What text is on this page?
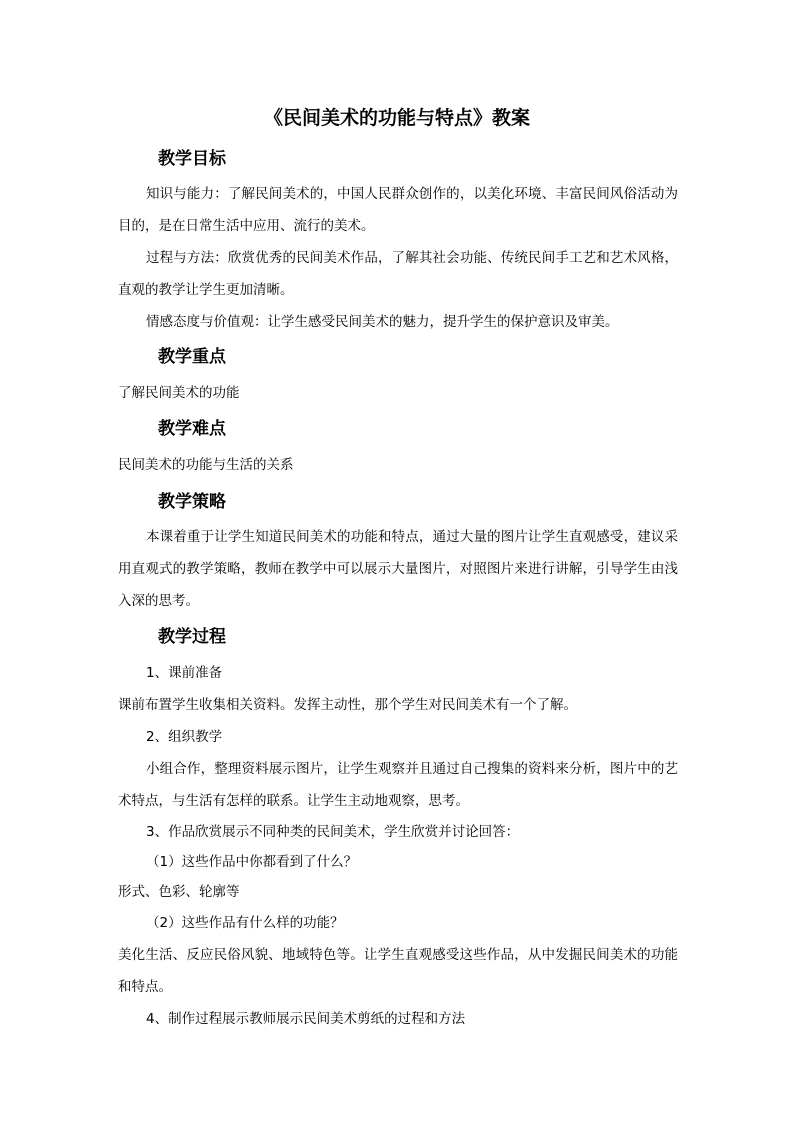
《民间美术的功能与特点》教案
教学目标
知识与能力：了解民间美术的，中国人民群众创作的，以美化环境、丰富民间风俗活动为目的，是在日常生活中应用、流行的美术。
过程与方法：欣赏优秀的民间美术作品，了解其社会功能、传统民间手工艺和艺术风格，直观的教学让学生更加清晰。
情感态度与价值观：让学生感受民间美术的魅力，提升学生的保护意识及审美。
教学重点
了解民间美术的功能
教学难点
民间美术的功能与生活的关系
教学策略
本课着重于让学生知道民间美术的功能和特点，通过大量的图片让学生直观感受，建议采用直观式的教学策略，教师在教学中可以展示大量图片，对照图片来进行讲解，引导学生由浅入深的思考。
教学过程
1、课前准备
课前布置学生收集相关资料。发挥主动性，那个学生对民间美术有一个了解。
2、组织教学
小组合作，整理资料展示图片，让学生观察并且通过自己搜集的资料来分析，图片中的艺术特点，与生活有怎样的联系。让学生主动地观察，思考。
3、作品欣赏展示不同种类的民间美术，学生欣赏并讨论回答：
（1）这些作品中你都看到了什么？
形式、色彩、轮廓等
（2）这些作品有什么样的功能？
美化生活、反应民俗风貌、地域特色等。让学生直观感受这些作品，从中发掘民间美术的功能和特点。
4、制作过程展示教师展示民间美术剪纸的过程和方法
